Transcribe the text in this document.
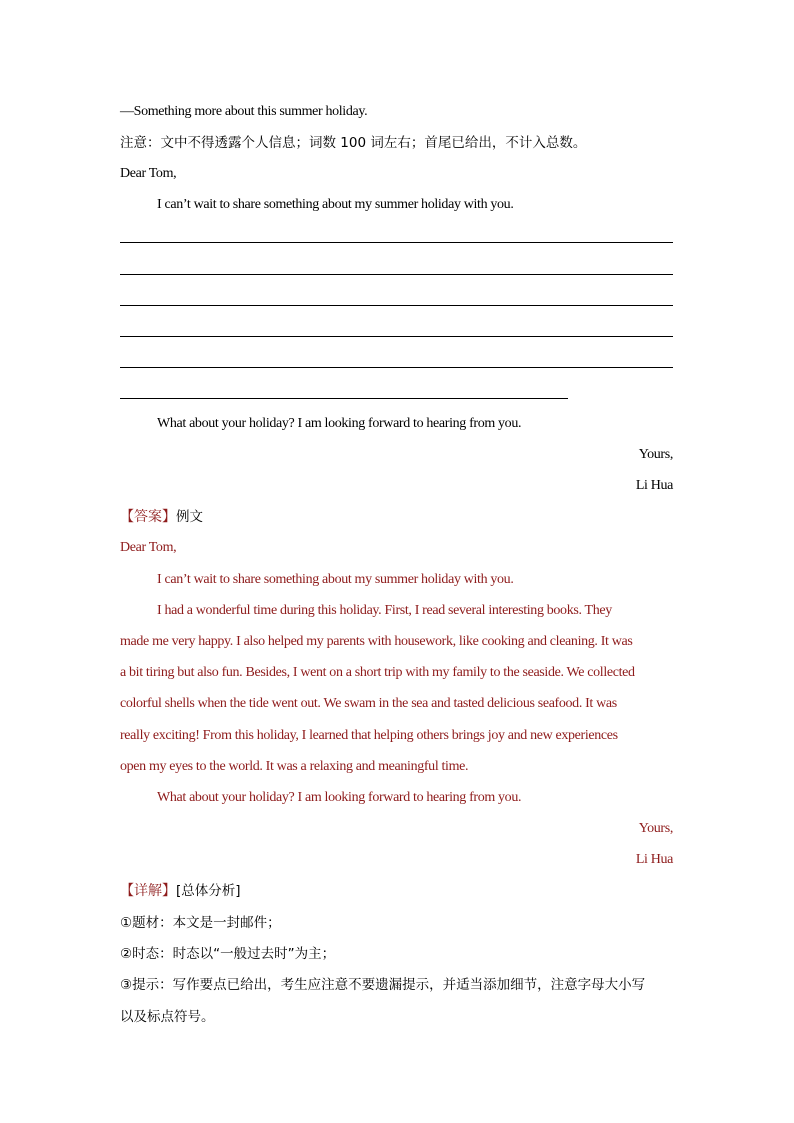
—Something more about this summer holiday.
注意：文中不得透露个人信息；词数 100 词左右；首尾已给出，不计入总数。
Dear Tom,
I can’t wait to share something about my summer holiday with you.
What about your holiday? I am looking forward to hearing from you.
Yours,
Li Hua
【答案】例文
Dear Tom,
I can’t wait to share something about my summer holiday with you.
I had a wonderful time during this holiday. First, I read several interesting books. They
made me very happy. I also helped my parents with housework, like cooking and cleaning. It was
a bit tiring but also fun. Besides, I went on a short trip with my family to the seaside. We collected
colorful shells when the tide went out. We swam in the sea and tasted delicious seafood. It was
really exciting! From this holiday, I learned that helping others brings joy and new experiences
open my eyes to the world. It was a relaxing and meaningful time.
What about your holiday? I am looking forward to hearing from you.
Yours,
Li Hua
【详解】[总体分析]
①题材：本文是一封邮件；
②时态：时态以“一般过去时”为主；
③提示：写作要点已给出，考生应注意不要遗漏提示，并适当添加细节，注意字母大小写
以及标点符号。
